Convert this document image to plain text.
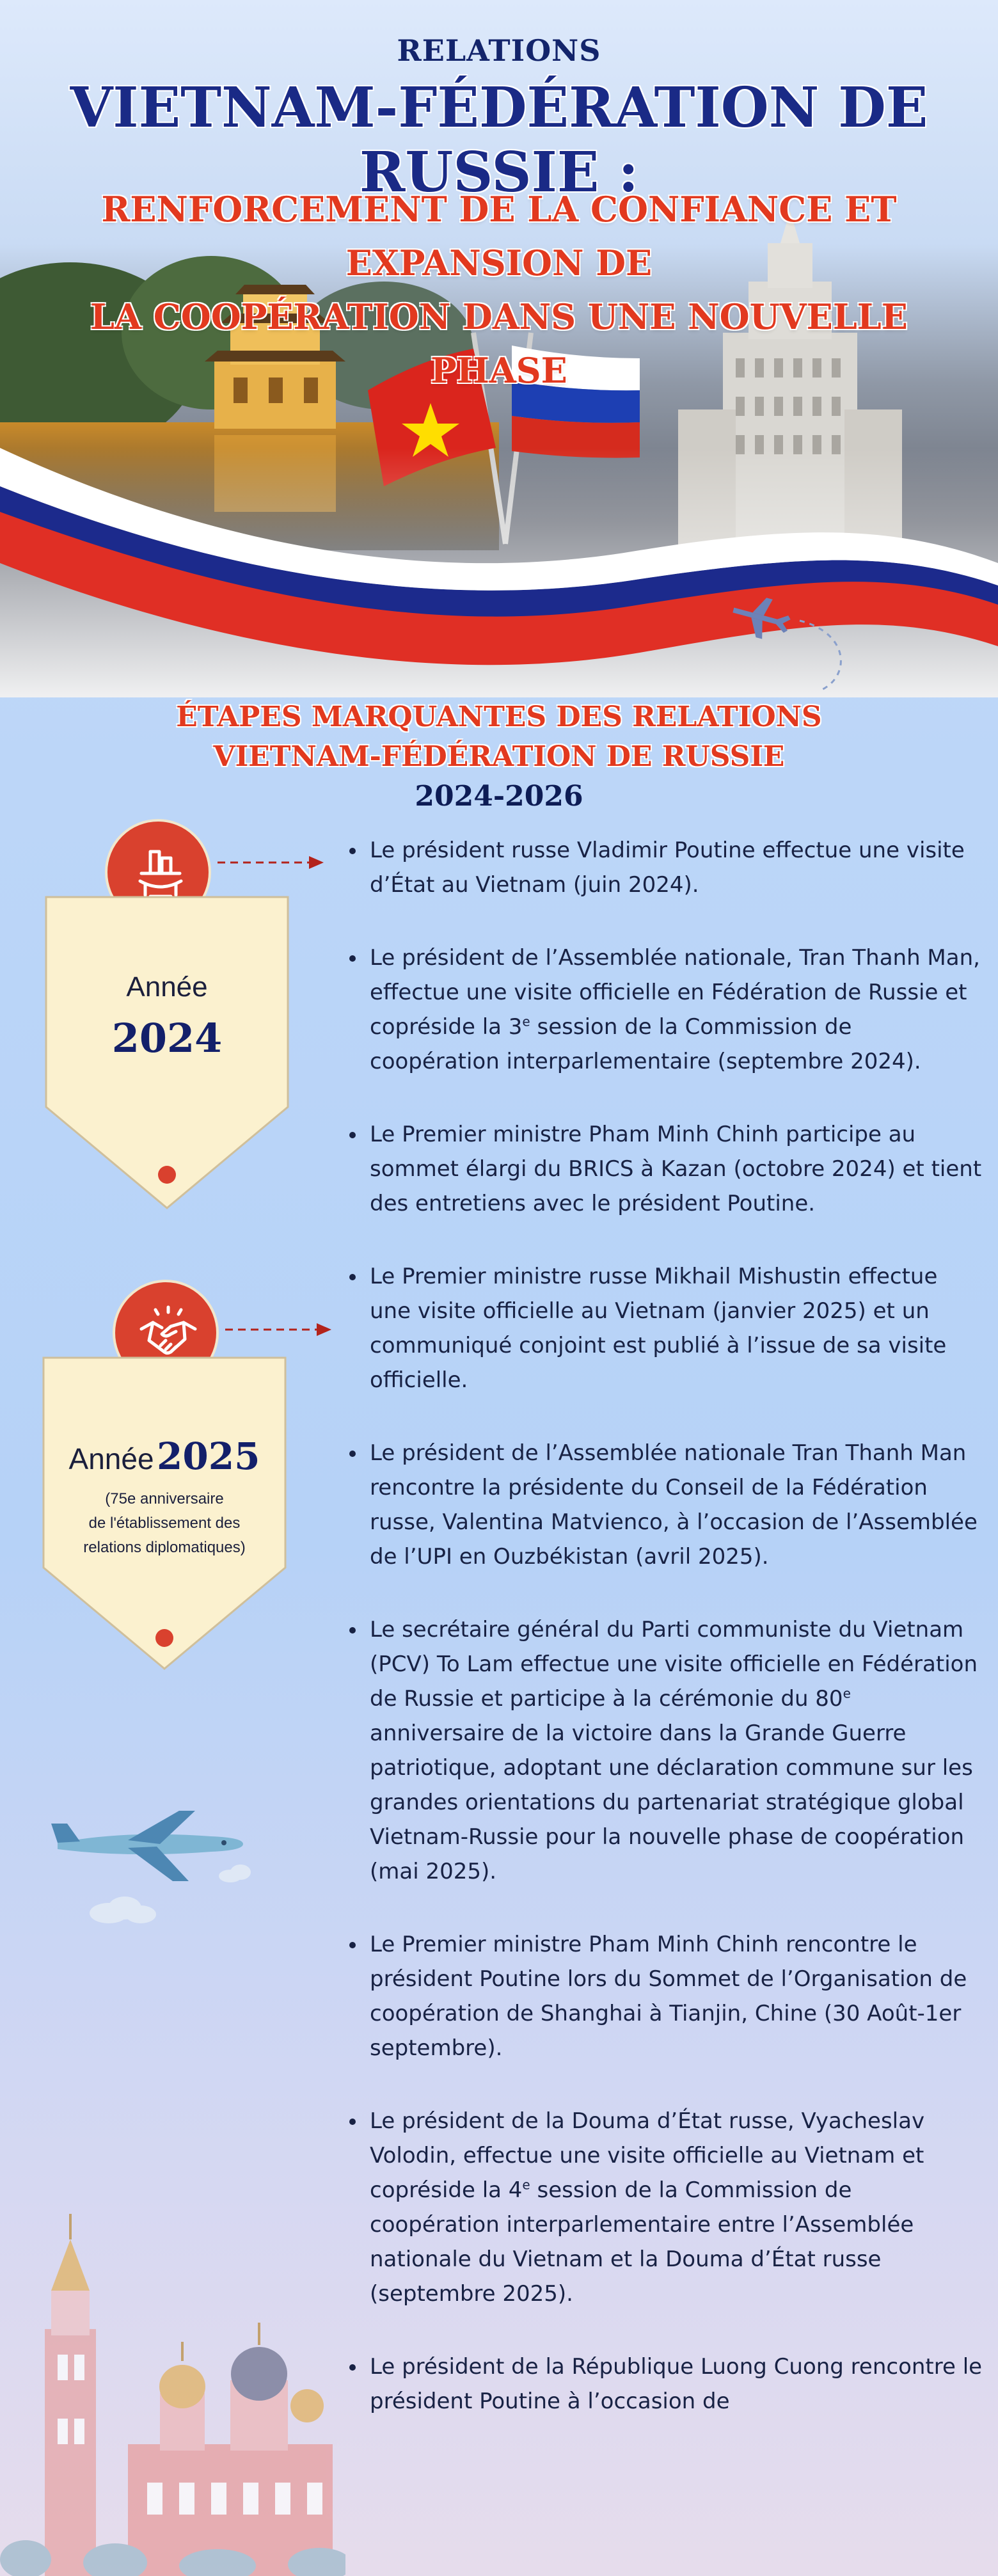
RELATIONS
VIETNAM-FÉDÉRATION DE RUSSIE :
RENFORCEMENT DE LA CONFIANCE ET EXPANSION DE
LA COOPÉRATION DANS UNE NOUVELLE PHASE
ÉTAPES MARQUANTES DES RELATIONS
VIETNAM-FÉDÉRATION DE RUSSIE
2024-2026
Année
2024
Année 2025
(75e anniversaire
de l'établissement des
relations diplomatiques)
Le président russe Vladimir Poutine effectue une visite d’État au Vietnam (juin 2024).
Le président de l’Assemblée nationale, Tran Thanh Man, effectue une visite officielle en Fédération de Russie et copréside la 3e session de la Commission de coopération interparlementaire (septembre 2024).
Le Premier ministre Pham Minh Chinh participe au sommet élargi du BRICS à Kazan (octobre 2024) et tient des entretiens avec le président Poutine.
Le Premier ministre russe Mikhail Mishustin effectue une visite officielle au Vietnam (janvier 2025) et un communiqué conjoint est publié à l’issue de sa visite officielle.
Le président de l’Assemblée nationale Tran Thanh Man rencontre la présidente du Conseil de la Fédération russe, Valentina Matvienco, à l’occasion de l’Assemblée de l’UPI en Ouzbékistan (avril 2025).
Le secrétaire général du Parti communiste du Vietnam (PCV) To Lam effectue une visite officielle en Fédération de Russie et participe à la cérémonie du 80e anniversaire de la victoire dans la Grande Guerre patriotique, adoptant une déclaration commune sur les grandes orientations du partenariat stratégique global Vietnam-Russie pour la nouvelle phase de coopération (mai 2025).
Le Premier ministre Pham Minh Chinh rencontre le président Poutine lors du Sommet de l’Organisation de coopération de Shanghai à Tianjin, Chine (30 Août-1er septembre).
Le président de la Douma d’État russe, Vyacheslav Volodin, effectue une visite officielle au Vietnam et copréside la 4e session de la Commission de coopération interparlementaire entre l’Assemblée nationale du Vietnam et la Douma d’État russe (septembre 2025).
Le président de la République Luong Cuong rencontre le président Poutine à l’occasion de
